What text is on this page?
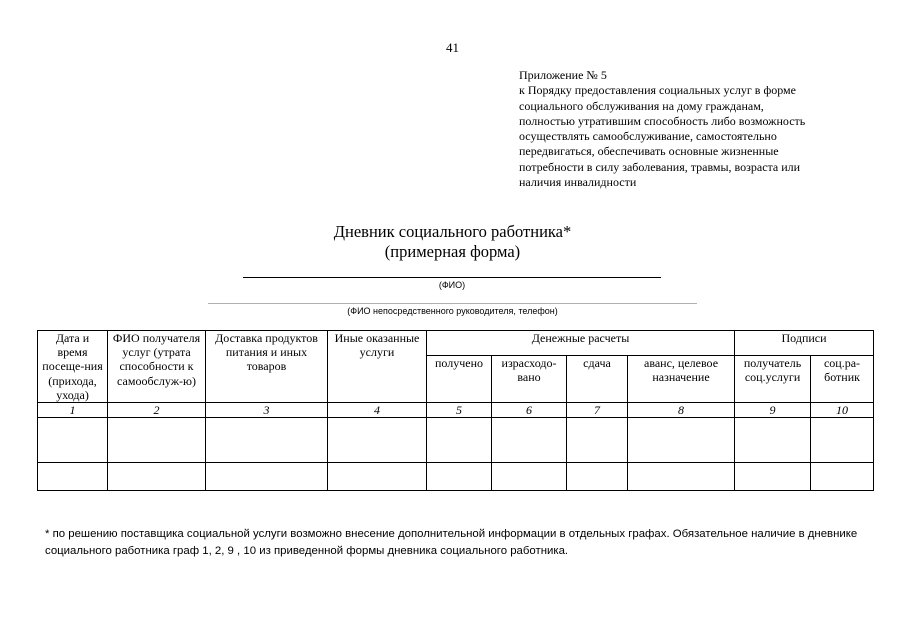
41
Приложение № 5
к Порядку предоставления социальных услуг в форме
социального обслуживания на дому гражданам,
полностью утратившим способность либо возможность
осуществлять самообслуживание, самостоятельно
передвигаться, обеспечивать основные жизненные
потребности в силу заболевания, травмы, возраста или
наличия инвалидности
Дневник социального работника*
(примерная форма)
(ФИО)
(ФИО непосредственного руководителя, телефон)
Дата и время посеще-ния (прихода, ухода)	ФИО получателя услуг (утрата способности к самообслуж-ю)	Доставка продуктов питания и иных товаров	Иные оказанные услуги	Денежные расчеты				Подписи	
				получено	израсходо-вано	сдача	аванс, целевое назначение	получатель соц.услуги	соц.ра-ботник
1	2	3	4	5	6	7	8	9	10

* по решению поставщика социальной услуги возможно внесение дополнительной информации в отдельных графах. Обязательное наличие в дневнике социального работника граф 1, 2, 9 , 10 из приведенной формы дневника социального работника.
